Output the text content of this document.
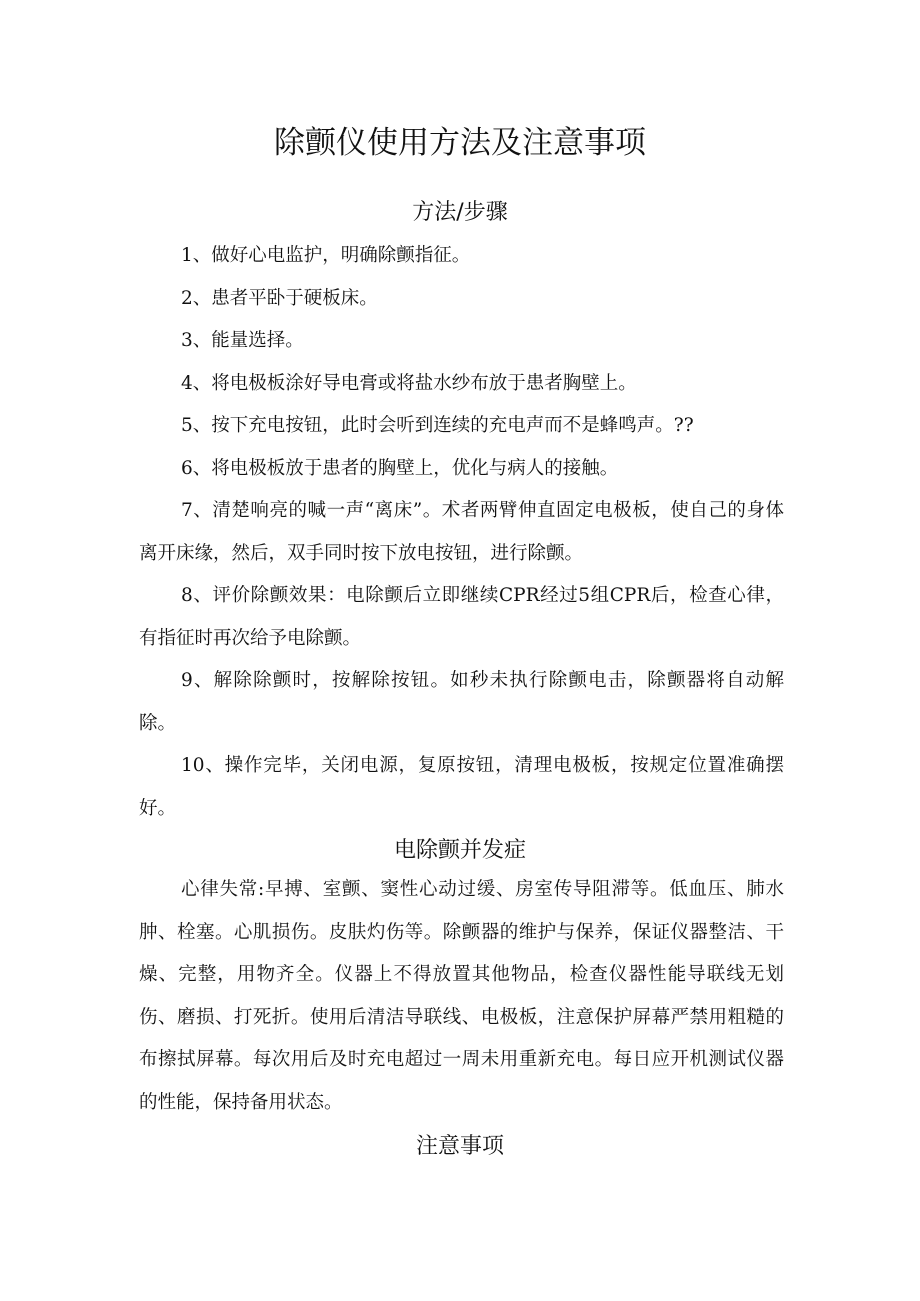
除颤仪使用方法及注意事项
方法/步骤

1、做好心电监护，明确除颤指征。

2、患者平卧于硬板床。

3、能量选择。

4、将电极板涂好导电膏或将盐水纱布放于患者胸壁上。

5、按下充电按钮，此时会听到连续的充电声而不是蜂鸣声。??

6、将电极板放于患者的胸壁上，优化与病人的接触。

7、清楚响亮的喊一声“离床”。术者两臂伸直固定电极板，使自己的身体离开床缘，然后，双手同时按下放电按钮，进行除颤。

8、评价除颤效果：电除颤后立即继续CPR经过5组CPR后，检查心律，有指征时再次给予电除颤。

9、解除除颤时，按解除按钮。如秒未执行除颤电击，除颤器将自动解除。

10、操作完毕，关闭电源，复原按钮，清理电极板，按规定位置准确摆好。

电除颤并发症

心律失常:早搏、室颤、窦性心动过缓、房室传导阻滞等。低血压、肺水肿、栓塞。心肌损伤。皮肤灼伤等。除颤器的维护与保养，保证仪器整洁、干燥、完整，用物齐全。仪器上不得放置其他物品，检查仪器性能导联线无划伤、磨损、打死折。使用后清洁导联线、电极板，注意保护屏幕严禁用粗糙的布擦拭屏幕。每次用后及时充电超过一周未用重新充电。每日应开机测试仪器的性能，保持备用状态。

注意事项
